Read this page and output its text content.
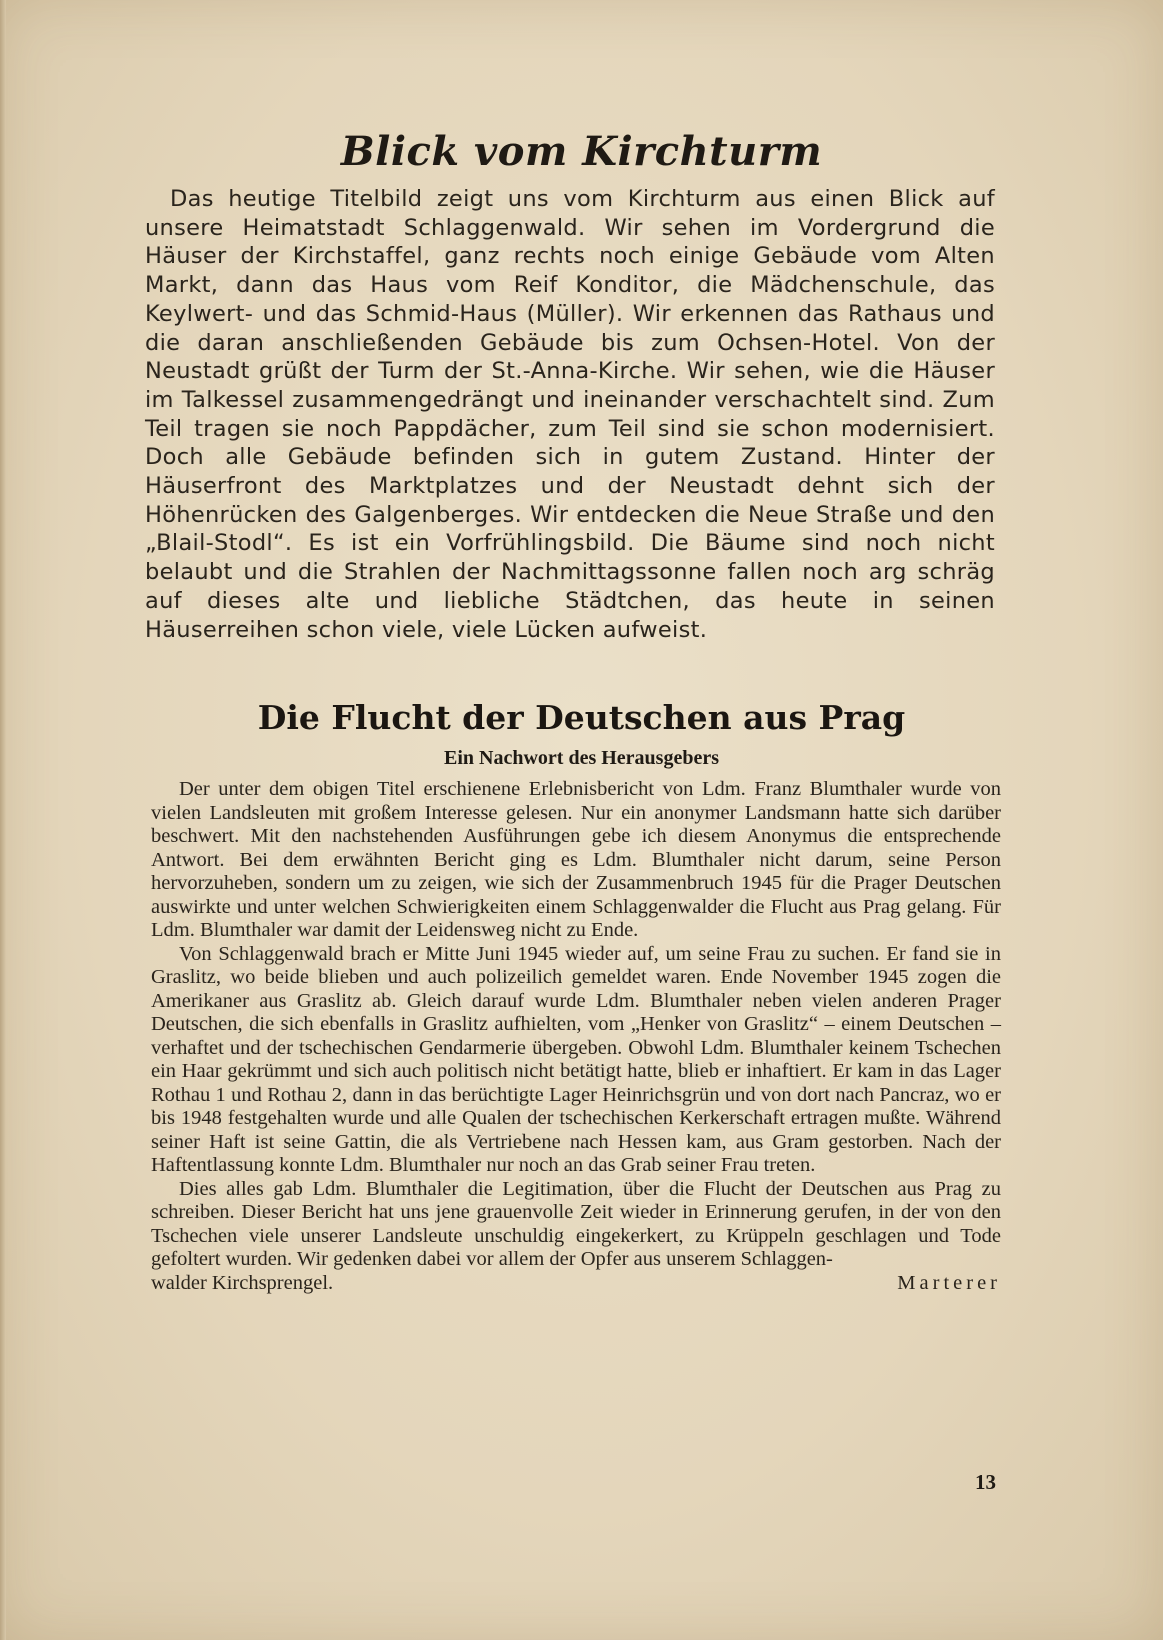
Blick vom Kirchturm

Das heutige Titelbild zeigt uns vom Kirchturm aus einen Blick auf unsere Heimatstadt Schlaggenwald. Wir sehen im Vordergrund die Häuser der Kirchstaffel, ganz rechts noch einige Gebäude vom Alten Markt, dann das Haus vom Reif Konditor, die Mädchenschule, das Keylwert- und das Schmid-Haus (Müller). Wir erkennen das Rathaus und die daran anschließenden Gebäude bis zum Ochsen-Hotel. Von der Neustadt grüßt der Turm der St.-Anna-Kirche. Wir sehen, wie die Häuser im Talkessel zusammengedrängt und ineinander verschachtelt sind. Zum Teil tragen sie noch Pappdächer, zum Teil sind sie schon modernisiert. Doch alle Gebäude befinden sich in gutem Zustand. Hinter der Häuserfront des Marktplatzes und der Neustadt dehnt sich der Höhenrücken des Galgenberges. Wir entdecken die Neue Straße und den „Blail-Stodl“. Es ist ein Vorfrühlingsbild. Die Bäume sind noch nicht belaubt und die Strahlen der Nachmittagssonne fallen noch arg schräg auf dieses alte und liebliche Städtchen, das heute in seinen Häuserreihen schon viele, viele Lücken aufweist.

Die Flucht der Deutschen aus Prag
Ein Nachwort des Herausgebers

Der unter dem obigen Titel erschienene Erlebnisbericht von Ldm. Franz Blumthaler wurde von vielen Landsleuten mit großem Interesse gelesen. Nur ein anonymer Landsmann hatte sich darüber beschwert. Mit den nachstehenden Ausführungen gebe ich diesem Anonymus die entsprechende Antwort. Bei dem erwähnten Bericht ging es Ldm. Blumthaler nicht darum, seine Person hervorzuheben, sondern um zu zeigen, wie sich der Zusammenbruch 1945 für die Prager Deutschen auswirkte und unter welchen Schwierigkeiten einem Schlaggenwalder die Flucht aus Prag gelang. Für Ldm. Blumthaler war damit der Leidensweg nicht zu Ende.

Von Schlaggenwald brach er Mitte Juni 1945 wieder auf, um seine Frau zu suchen. Er fand sie in Graslitz, wo beide blieben und auch polizeilich gemeldet waren. Ende November 1945 zogen die Amerikaner aus Graslitz ab. Gleich darauf wurde Ldm. Blumthaler neben vielen anderen Prager Deutschen, die sich ebenfalls in Graslitz aufhielten, vom „Henker von Graslitz“ – einem Deutschen – verhaftet und der tschechischen Gendarmerie übergeben. Obwohl Ldm. Blumthaler keinem Tschechen ein Haar gekrümmt und sich auch politisch nicht betätigt hatte, blieb er inhaftiert. Er kam in das Lager Rothau 1 und Rothau 2, dann in das berüchtigte Lager Heinrichsgrün und von dort nach Pancraz, wo er bis 1948 festgehalten wurde und alle Qualen der tschechischen Kerkerschaft ertragen mußte. Während seiner Haft ist seine Gattin, die als Vertriebene nach Hessen kam, aus Gram gestorben. Nach der Haftentlassung konnte Ldm. Blumthaler nur noch an das Grab seiner Frau treten.

Dies alles gab Ldm. Blumthaler die Legitimation, über die Flucht der Deutschen aus Prag zu schreiben. Dieser Bericht hat uns jene grauenvolle Zeit wieder in Erinnerung gerufen, in der von den Tschechen viele unserer Landsleute unschuldig eingekerkert, zu Krüppeln geschlagen und Tode gefoltert wurden. Wir gedenken dabei vor allem der Opfer aus unserem Schlaggen-

walder Kirchsprengel.	Marterer
13
